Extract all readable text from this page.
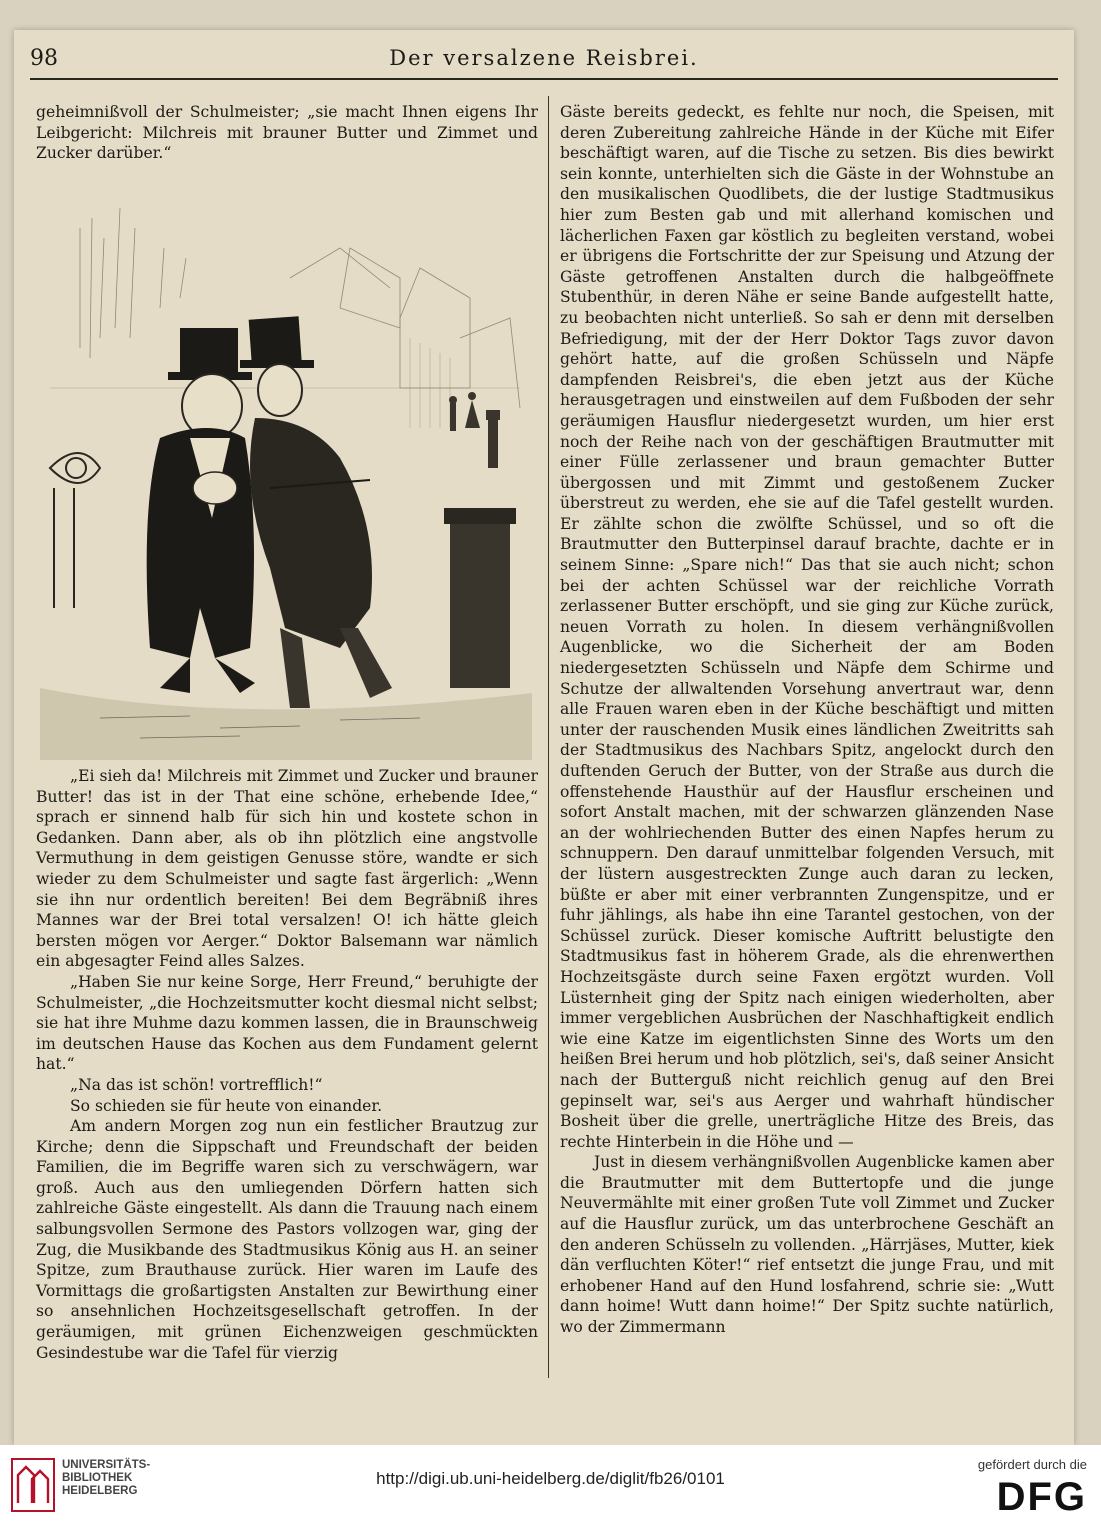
98	Der versalzene Reisbrei.

geheimnißvoll der Schulmeister; „sie macht Ihnen eigens Ihr Leibgericht: Milchreis mit brauner Butter und Zimmet und Zucker darüber.“

„Ei sieh da! Milchreis mit Zimmet und Zucker und brauner Butter! das ist in der That eine schöne, erhebende Idee,“ sprach er sinnend halb für sich hin und kostete schon in Gedanken. Dann aber, als ob ihn plötzlich eine angstvolle Vermuthung in dem geistigen Genusse störe, wandte er sich wieder zu dem Schulmeister und sagte fast ärgerlich: „Wenn sie ihn nur ordentlich bereiten! Bei dem Begräbniß ihres Mannes war der Brei total versalzen! O! ich hätte gleich bersten mögen vor Aerger.“ Doktor Balsemann war nämlich ein abgesagter Feind alles Salzes.

„Haben Sie nur keine Sorge, Herr Freund,“ beruhigte der Schulmeister, „die Hochzeitsmutter kocht diesmal nicht selbst; sie hat ihre Muhme dazu kommen lassen, die in Braunschweig im deutschen Hause das Kochen aus dem Fundament gelernt hat.“

„Na das ist schön! vortrefflich!“

So schieden sie für heute von einander.

Am andern Morgen zog nun ein festlicher Brautzug zur Kirche; denn die Sippschaft und Freundschaft der beiden Familien, die im Begriffe waren sich zu verschwägern, war groß. Auch aus den umliegenden Dörfern hatten sich zahlreiche Gäste eingestellt. Als dann die Trauung nach einem salbungsvollen Sermone des Pastors vollzogen war, ging der Zug, die Musikbande des Stadtmusikus König aus H. an seiner Spitze, zum Brauthause zurück. Hier waren im Laufe des Vormittags die großartigsten Anstalten zur Bewirthung einer so ansehnlichen Hochzeitsgesellschaft getroffen. In der geräumigen, mit grünen Eichenzweigen geschmückten Gesindestube war die Tafel für vierzig

Gäste bereits gedeckt, es fehlte nur noch, die Speisen, mit deren Zubereitung zahlreiche Hände in der Küche mit Eifer beschäftigt waren, auf die Tische zu setzen. Bis dies bewirkt sein konnte, unterhielten sich die Gäste in der Wohnstube an den musikalischen Quodlibets, die der lustige Stadtmusikus hier zum Besten gab und mit allerhand komischen und lächerlichen Faxen gar köstlich zu begleiten verstand, wobei er übrigens die Fortschritte der zur Speisung und Atzung der Gäste getroffenen Anstalten durch die halbgeöffnete Stubenthür, in deren Nähe er seine Bande aufgestellt hatte, zu beobachten nicht unterließ. So sah er denn mit derselben Befriedigung, mit der der Herr Doktor Tags zuvor davon gehört hatte, auf die großen Schüsseln und Näpfe dampfenden Reisbrei's, die eben jetzt aus der Küche herausgetragen und einstweilen auf dem Fußboden der sehr geräumigen Hausflur niedergesetzt wurden, um hier erst noch der Reihe nach von der geschäftigen Brautmutter mit einer Fülle zerlassener und braun gemachter Butter übergossen und mit Zimmt und gestoßenem Zucker überstreut zu werden, ehe sie auf die Tafel gestellt wurden. Er zählte schon die zwölfte Schüssel, und so oft die Brautmutter den Butterpinsel darauf brachte, dachte er in seinem Sinne: „Spare nich!“ Das that sie auch nicht; schon bei der achten Schüssel war der reichliche Vorrath zerlassener Butter erschöpft, und sie ging zur Küche zurück, neuen Vorrath zu holen. In diesem verhängnißvollen Augenblicke, wo die Sicherheit der am Boden niedergesetzten Schüsseln und Näpfe dem Schirme und Schutze der allwaltenden Vorsehung anvertraut war, denn alle Frauen waren eben in der Küche beschäftigt und mitten unter der rauschenden Musik eines ländlichen Zweitritts sah der Stadtmusikus des Nachbars Spitz, angelockt durch den duftenden Geruch der Butter, von der Straße aus durch die offenstehende Hausthür auf der Hausflur erscheinen und sofort Anstalt machen, mit der schwarzen glänzenden Nase an der wohlriechenden Butter des einen Napfes herum zu schnuppern. Den darauf unmittelbar folgenden Versuch, mit der lüstern ausgestreckten Zunge auch daran zu lecken, büßte er aber mit einer verbrannten Zungenspitze, und er fuhr jählings, als habe ihn eine Tarantel gestochen, von der Schüssel zurück. Dieser komische Auftritt belustigte den Stadtmusikus fast in höherem Grade, als die ehrenwerthen Hochzeitsgäste durch seine Faxen ergötzt wurden. Voll Lüsternheit ging der Spitz nach einigen wiederholten, aber immer vergeblichen Ausbrüchen der Naschhaftigkeit endlich wie eine Katze im eigentlichsten Sinne des Worts um den heißen Brei herum und hob plötzlich, sei's, daß seiner Ansicht nach der Butterguß nicht reichlich genug auf den Brei gepinselt war, sei's aus Aerger und wahrhaft hündischer Bosheit über die grelle, unerträgliche Hitze des Breis, das rechte Hinterbein in die Höhe und —

Just in diesem verhängnißvollen Augenblicke kamen aber die Brautmutter mit dem Buttertopfe und die junge Neuvermählte mit einer großen Tute voll Zimmet und Zucker auf die Hausflur zurück, um das unterbrochene Geschäft an den anderen Schüsseln zu vollenden. „Härrjäses, Mutter, kiek dän verfluchten Köter!“ rief entsetzt die junge Frau, und mit erhobener Hand auf den Hund losfahrend, schrie sie: „Wutt dann hoime! Wutt dann hoime!“ Der Spitz suchte natürlich, wo der Zimmermann

UNIVERSITÄTS-
BIBLIOTHEK
HEIDELBERG
http://digi.ub.uni-heidelberg.de/diglit/fb26/0101
gefördert durch die
DFG
